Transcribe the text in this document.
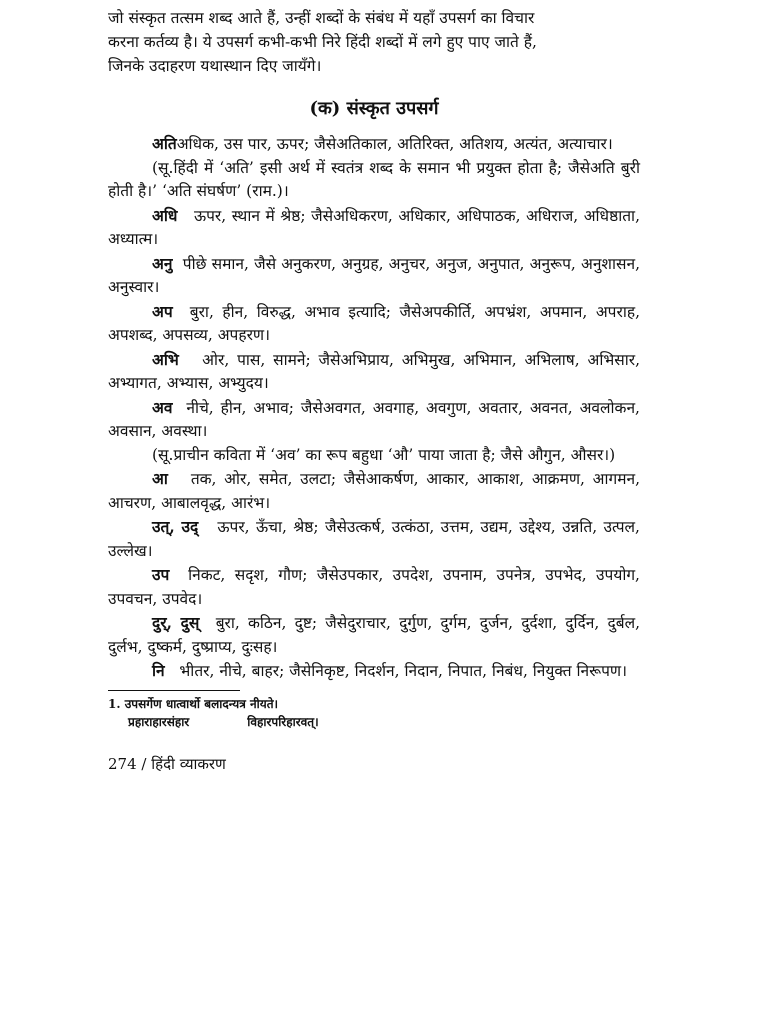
जो संस्कृत तत्सम शब्द आते हैं, उन्हीं शब्दों के संबंध में यहाँ उपसर्ग का विचार
करना कर्तव्य है। ये उपसर्ग कभी-कभी निरे हिंदी शब्दों में लगे हुए पाए जाते हैं,
जिनके उदाहरण यथास्थान दिए जायँगे।
(क) संस्कृत उपसर्ग

अतिअधिक, उस पार, ऊपर; जैसेअतिकाल, अतिरिक्त, अतिशय, अत्यंत, अत्याचार।

(सू.हिंदी में ‘अति’ इसी अर्थ में स्वतंत्र शब्द के समान भी प्रयुक्त होता है; जैसेअति बुरी होती है।’ ‘अति संघर्षण’ (राम.)।

अधि ऊपर, स्थान में श्रेष्ठ; जैसेअधिकरण, अधिकार, अधिपाठक, अधिराज, अधिष्ठाता, अध्यात्म।

अनु पीछे समान, जैसे अनुकरण, अनुग्रह, अनुचर, अनुज, अनुपात, अनुरूप, अनुशासन, अनुस्वार।

अप बुरा, हीन, विरुद्ध, अभाव इत्यादि; जैसेअपकीर्ति, अपभ्रंश, अपमान, अपराह, अपशब्द, अपसव्य, अपहरण।

अभि ओर, पास, सामने; जैसेअभिप्राय, अभिमुख, अभिमान, अभिलाष, अभिसार, अभ्यागत, अभ्यास, अभ्युदय।

अव नीचे, हीन, अभाव; जैसेअवगत, अवगाह, अवगुण, अवतार, अवनत, अवलोकन, अवसान, अवस्था।

(सू.प्राचीन कविता में ‘अव’ का रूप बहुधा ‘औ’ पाया जाता है; जैसे औगुन, औसर।)

आ तक, ओर, समेत, उलटा; जैसेआकर्षण, आकार, आकाश, आक्रमण, आगमन, आचरण, आबालवृद्ध, आरंभ।

उत्, उद् ऊपर, ऊँचा, श्रेष्ठ; जैसेउत्कर्ष, उत्कंठा, उत्तम, उद्यम, उद्देश्य, उन्नति, उत्पल, उल्लेख।

उप निकट, सदृश, गौण; जैसेउपकार, उपदेश, उपनाम, उपनेत्र, उपभेद, उपयोग, उपवचन, उपवेद।

दुर्, दुस् बुरा, कठिन, दुष्ट; जैसेदुराचार, दुर्गुण, दुर्गम, दुर्जन, दुर्दशा, दुर्दिन, दुर्बल, दुर्लभ, दुष्कर्म, दुष्प्राप्य, दुःसह।

नि भीतर, नीचे, बाहर; जैसेनिकृष्ट, निदर्शन, निदान, निपात, निबंध, नियुक्त निरूपण।

1. उपसर्गेण धात्वार्थो बलादन्यत्र नीयते।

प्रहाराहारसंहार	विहारपरिहारवत्।

274 / हिंदी व्याकरण
